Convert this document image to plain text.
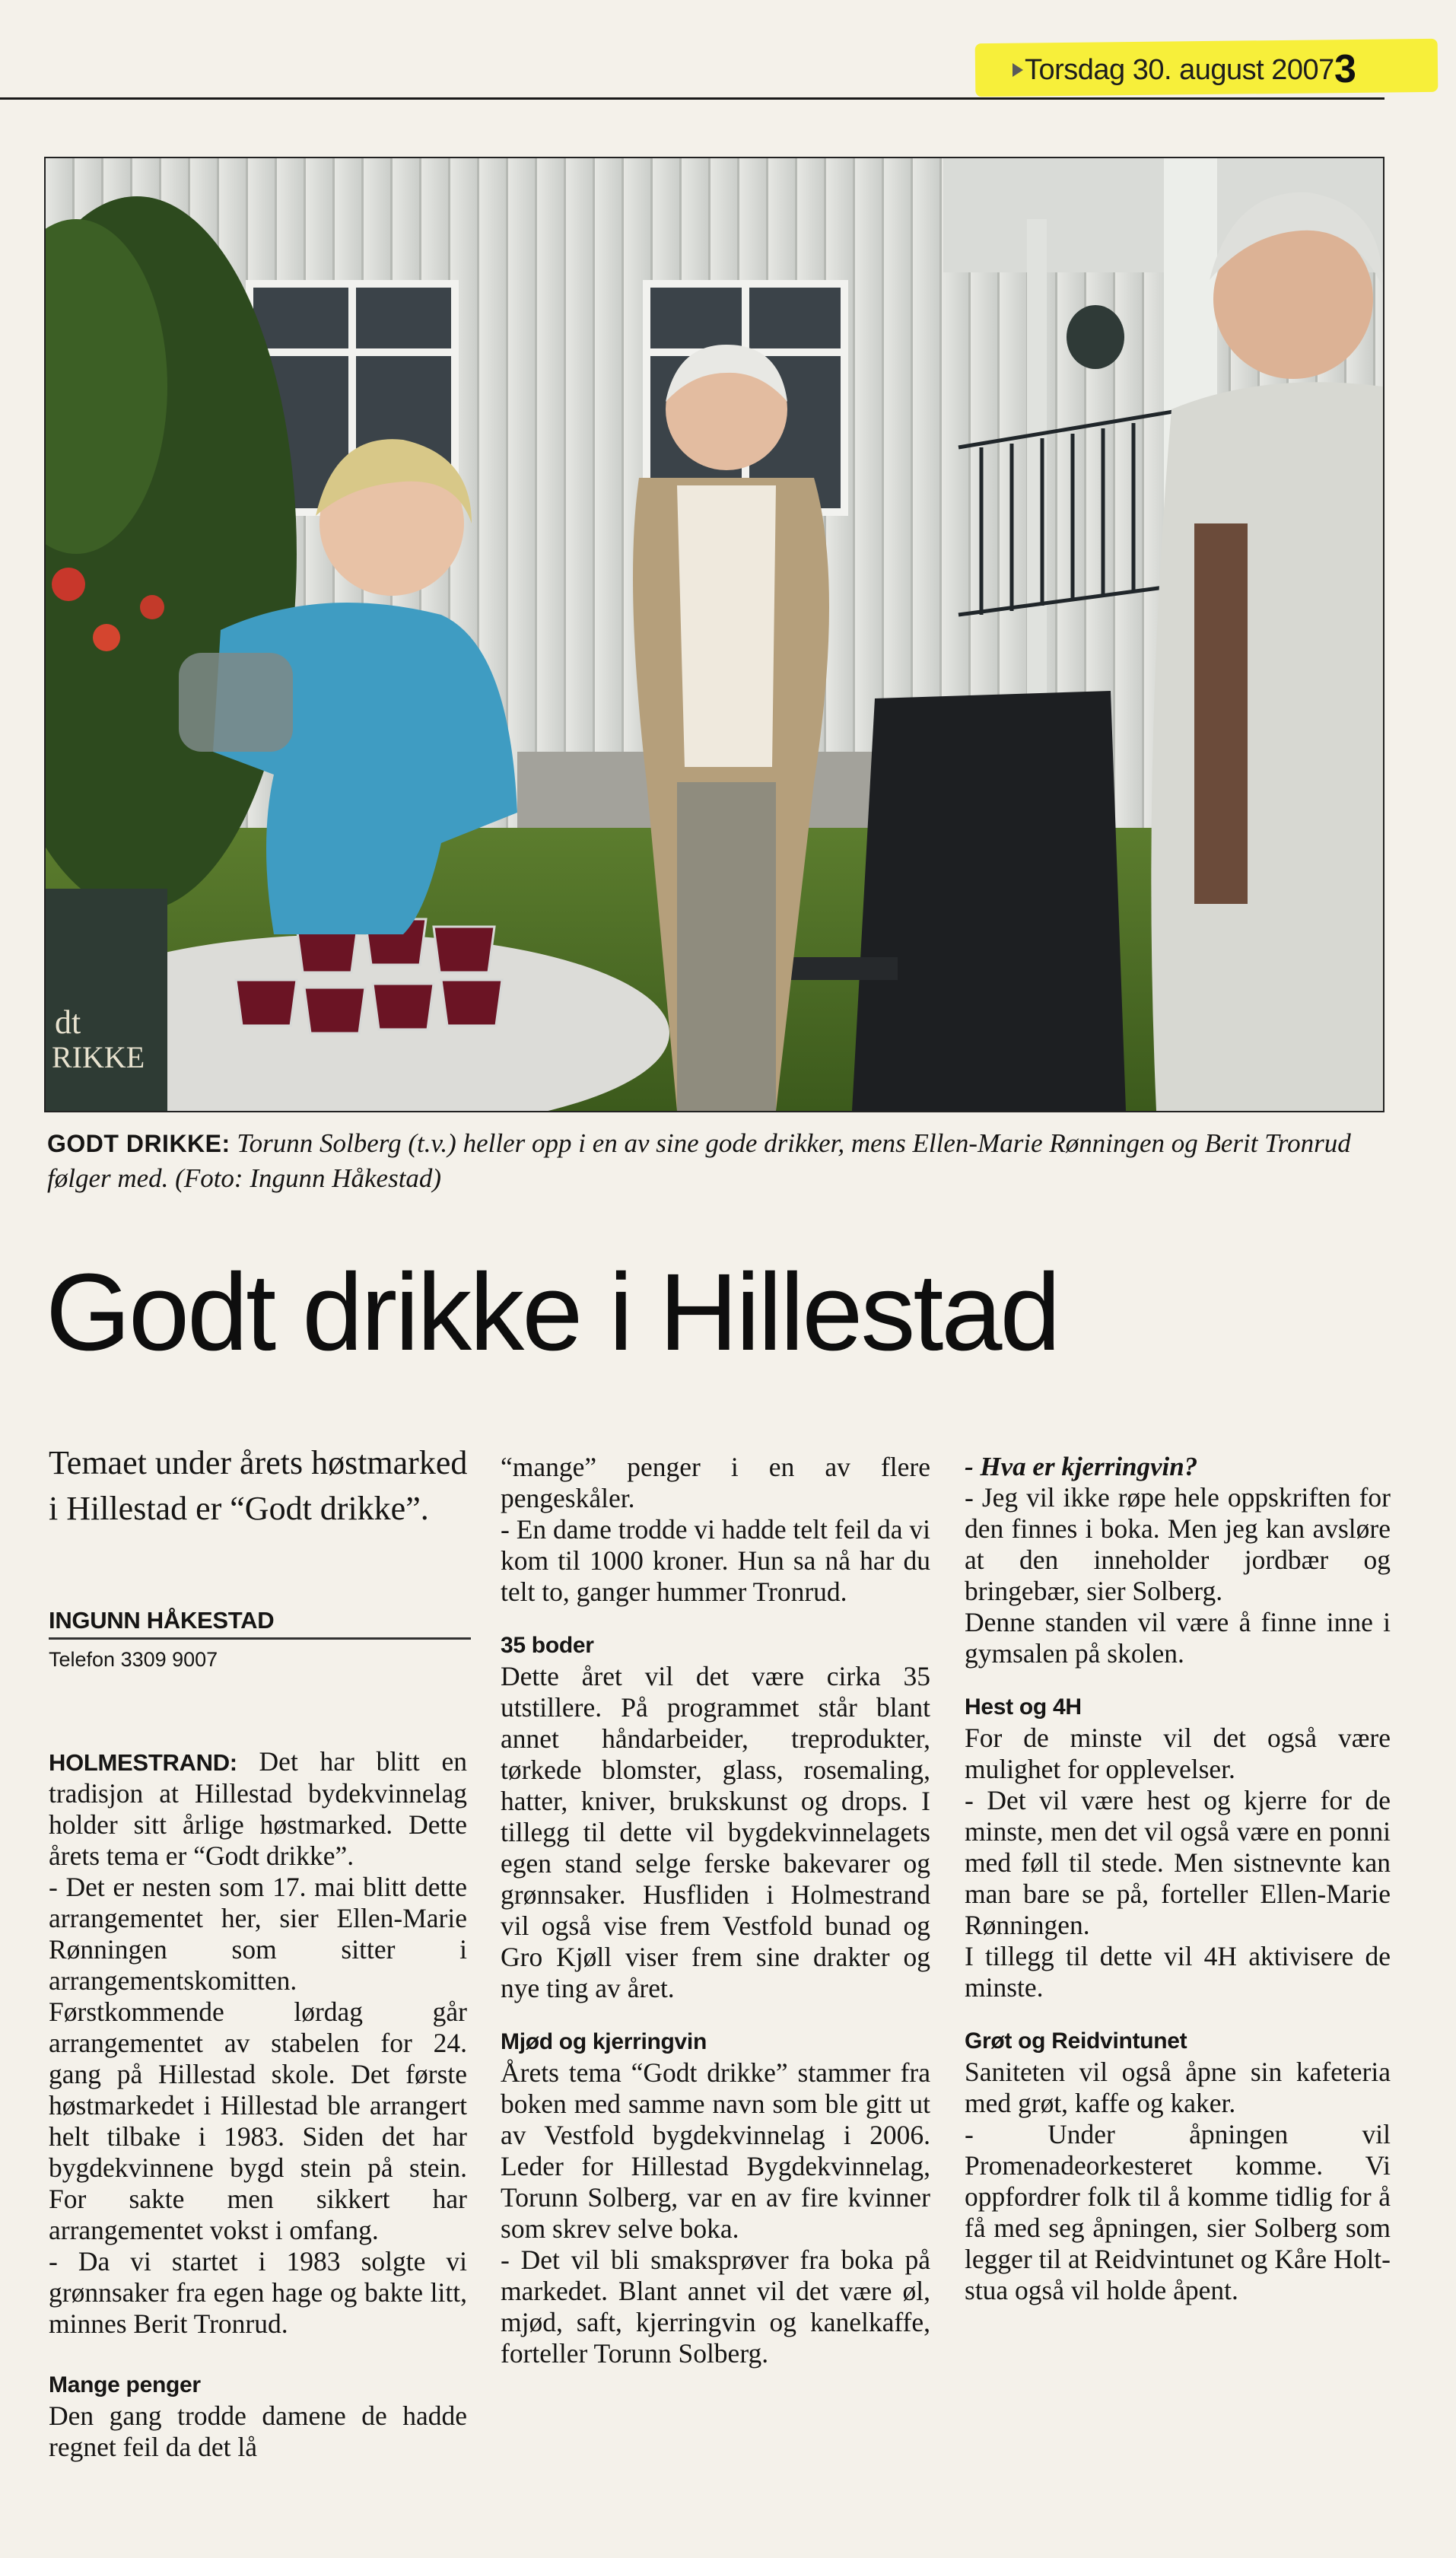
Torsdag 30. august 2007 3
dt
RIKKE
GODT DRIKKE: Torunn Solberg (t.v.) heller opp i en av sine gode drikker, mens Ellen-Marie Rønningen og Berit Tronrud følger med. (Foto: Ingunn Håkestad)
Godt drikke i Hillestad
Temaet under årets høstmarked i Hillestad er “Godt drikke”.
INGUNN HÅKESTAD
Telefon 3309 9007

HOLMESTRAND: Det har blitt en tradisjon at Hillestad bydekvinnelag holder sitt årlige høstmarked. Dette årets tema er “Godt drikke”.

- Det er nesten som 17. mai blitt dette arrangementet her, sier Ellen-Marie Rønningen som sitter i arrangementskomitten.

Førstkommende lørdag går arrangementet av stabelen for 24. gang på Hillestad skole. Det første høstmarkedet i Hillestad ble arrangert helt tilbake i 1983. Siden det har bygdekvinnene bygd stein på stein. For sakte men sikkert har arrangementet vokst i omfang.

- Da vi startet i 1983 solgte vi grønnsaker fra egen hage og bakte litt, minnes Berit Tronrud.

Mange penger

Den gang trodde damene de hadde regnet feil da det lå

“mange” penger i en av flere pengeskåler.

- En dame trodde vi hadde telt feil da vi kom til 1000 kroner. Hun sa nå har du telt to, ganger hummer Tronrud.

35 boder

Dette året vil det være cirka 35 utstillere. På programmet står blant annet håndarbeider, treprodukter, tørkede blomster, glass, rosemaling, hatter, kniver, brukskunst og drops. I tillegg til dette vil bygdekvinnelagets egen stand selge ferske bakevarer og grønnsaker. Husfliden i Holmestrand vil også vise frem Vestfold bunad og Gro Kjøll viser frem sine drakter og nye ting av året.

Mjød og kjerringvin

Årets tema “Godt drikke” stammer fra boken med samme navn som ble gitt ut av Vestfold bygdekvinnelag i 2006. Leder for Hillestad Bygdekvinnelag, Torunn Solberg, var en av fire kvinner som skrev selve boka.

- Det vil bli smaksprøver fra boka på markedet. Blant annet vil det være øl, mjød, saft, kjerringvin og kanelkaffe, forteller Torunn Solberg.

- Hva er kjerringvin?

- Jeg vil ikke røpe hele oppskriften for den finnes i boka. Men jeg kan avsløre at den inneholder jordbær og bringebær, sier Solberg.

Denne standen vil være å finne inne i gymsalen på skolen.

Hest og 4H

For de minste vil det også være mulighet for opplevelser.

- Det vil være hest og kjerre for de minste, men det vil også være en ponni med føll til stede. Men sistnevnte kan man bare se på, forteller Ellen-Marie Rønningen.

I tillegg til dette vil 4H aktivisere de minste.

Grøt og Reidvintunet

Saniteten vil også åpne sin kafeteria med grøt, kaffe og kaker.

- Under åpningen vil Promenadeorkesteret komme. Vi oppfordrer folk til å komme tidlig for å få med seg åpningen, sier Solberg som legger til at Reidvintunet og Kåre Holt-stua også vil holde åpent.
